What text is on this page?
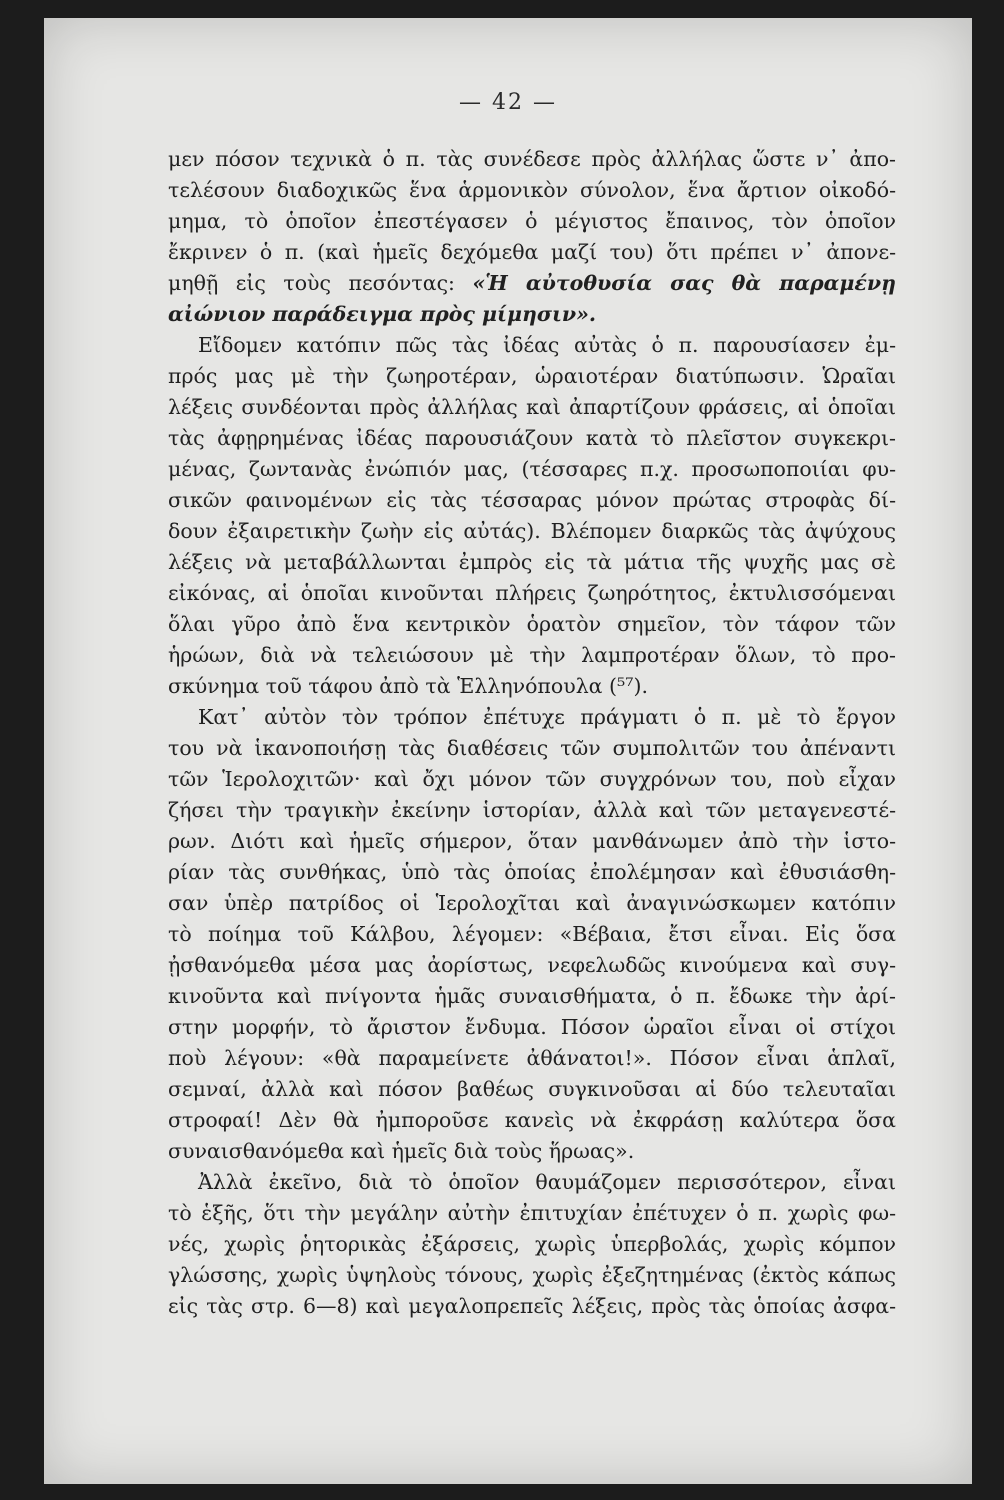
— 42 —
μεν πόσον τεχνικὰ ὁ π. τὰς συνέδεσε πρὸς ἀλλήλας ὥστε ν᾿ ἀπο-
τελέσουν διαδοχικῶς ἕνα ἁρμονικὸν σύνολον, ἕνα ἄρτιον οἰκοδό-
μημα, τὸ ὁποῖον ἐπεστέγασεν ὁ μέγιστος ἔπαινος, τὸν ὁποῖον
ἔκρινεν ὁ π. (καὶ ἡμεῖς δεχόμεθα μαζί του) ὅτι πρέπει ν᾿ ἀπονε-
μηθῇ εἰς τοὺς πεσόντας: «Ἡ αὐτοθυσία σας θὰ παραμένῃ
αἰώνιον παράδειγμα πρὸς μίμησιν».
Εἴδομεν κατόπιν πῶς τὰς ἰδέας αὐτὰς ὁ π. παρουσίασεν ἐμ-
πρός μας μὲ τὴν ζωηροτέραν, ὡραιοτέραν διατύπωσιν. Ὡραῖαι
λέξεις συνδέονται πρὸς ἀλλήλας καὶ ἀπαρτίζουν φράσεις, αἱ ὁποῖαι
τὰς ἀφῃρημένας ἰδέας παρουσιάζουν κατὰ τὸ πλεῖστον συγκεκρι-
μένας, ζωντανὰς ἐνώπιόν μας, (τέσσαρες π.χ. προσωποποιίαι φυ-
σικῶν φαινομένων εἰς τὰς τέσσαρας μόνον πρώτας στροφὰς δί-
δουν ἐξαιρετικὴν ζωὴν εἰς αὐτάς). Βλέπομεν διαρκῶς τὰς ἀψύχους
λέξεις νὰ μεταβάλλωνται ἐμπρὸς εἰς τὰ μάτια τῆς ψυχῆς μας σὲ
εἰκόνας, αἱ ὁποῖαι κινοῦνται πλήρεις ζωηρότητος, ἐκτυλισσόμεναι
ὅλαι γῦρο ἀπὸ ἕνα κεντρικὸν ὁρατὸν σημεῖον, τὸν τάφον τῶν
ἡρώων, διὰ νὰ τελειώσουν μὲ τὴν λαμπροτέραν ὅλων, τὸ προ-
σκύνημα τοῦ τάφου ἀπὸ τὰ Ἑλληνόπουλα (⁵⁷).
Κατ᾿ αὐτὸν τὸν τρόπον ἐπέτυχε πράγματι ὁ π. μὲ τὸ ἔργον
του νὰ ἱκανοποιήσῃ τὰς διαθέσεις τῶν συμπολιτῶν του ἀπέναντι
τῶν Ἱερολοχιτῶν· καὶ ὄχι μόνον τῶν συγχρόνων του, ποὺ εἶχαν
ζήσει τὴν τραγικὴν ἐκείνην ἱστορίαν, ἀλλὰ καὶ τῶν μεταγενεστέ-
ρων. Διότι καὶ ἡμεῖς σήμερον, ὅταν μανθάνωμεν ἀπὸ τὴν ἱστο-
ρίαν τὰς συνθήκας, ὑπὸ τὰς ὁποίας ἐπολέμησαν καὶ ἐθυσιάσθη-
σαν ὑπὲρ πατρίδος οἱ Ἱερολοχῖται καὶ ἀναγινώσκωμεν κατόπιν
τὸ ποίημα τοῦ Κάλβου, λέγομεν: «Βέβαια, ἔτσι εἶναι. Εἰς ὅσα
ᾐσθανόμεθα μέσα μας ἀορίστως, νεφελωδῶς κινούμενα καὶ συγ-
κινοῦντα καὶ πνίγοντα ἡμᾶς συναισθήματα, ὁ π. ἔδωκε τὴν ἀρί-
στην μορφήν, τὸ ἄριστον ἔνδυμα. Πόσον ὡραῖοι εἶναι οἱ στίχοι
ποὺ λέγουν: «θὰ παραμείνετε ἀθάνατοι!». Πόσον εἶναι ἁπλαῖ,
σεμναί, ἀλλὰ καὶ πόσον βαθέως συγκινοῦσαι αἱ δύο τελευταῖαι
στροφαί! Δὲν θὰ ἠμποροῦσε κανεὶς νὰ ἐκφράσῃ καλύτερα ὅσα
συναισθανόμεθα καὶ ἡμεῖς διὰ τοὺς ἥρωας».
Ἀλλὰ ἐκεῖνο, διὰ τὸ ὁποῖον θαυμάζομεν περισσότερον, εἶναι
τὸ ἑξῆς, ὅτι τὴν μεγάλην αὐτὴν ἐπιτυχίαν ἐπέτυχεν ὁ π. χωρὶς φω-
νές, χωρὶς ῥητορικὰς ἐξάρσεις, χωρὶς ὑπερβολάς, χωρὶς κόμπον
γλώσσης, χωρὶς ὑψηλοὺς τόνους, χωρὶς ἐξεζητημένας (ἐκτὸς κάπως
εἰς τὰς στρ. 6—8) καὶ μεγαλοπρεπεῖς λέξεις, πρὸς τὰς ὁποίας ἀσφα-
